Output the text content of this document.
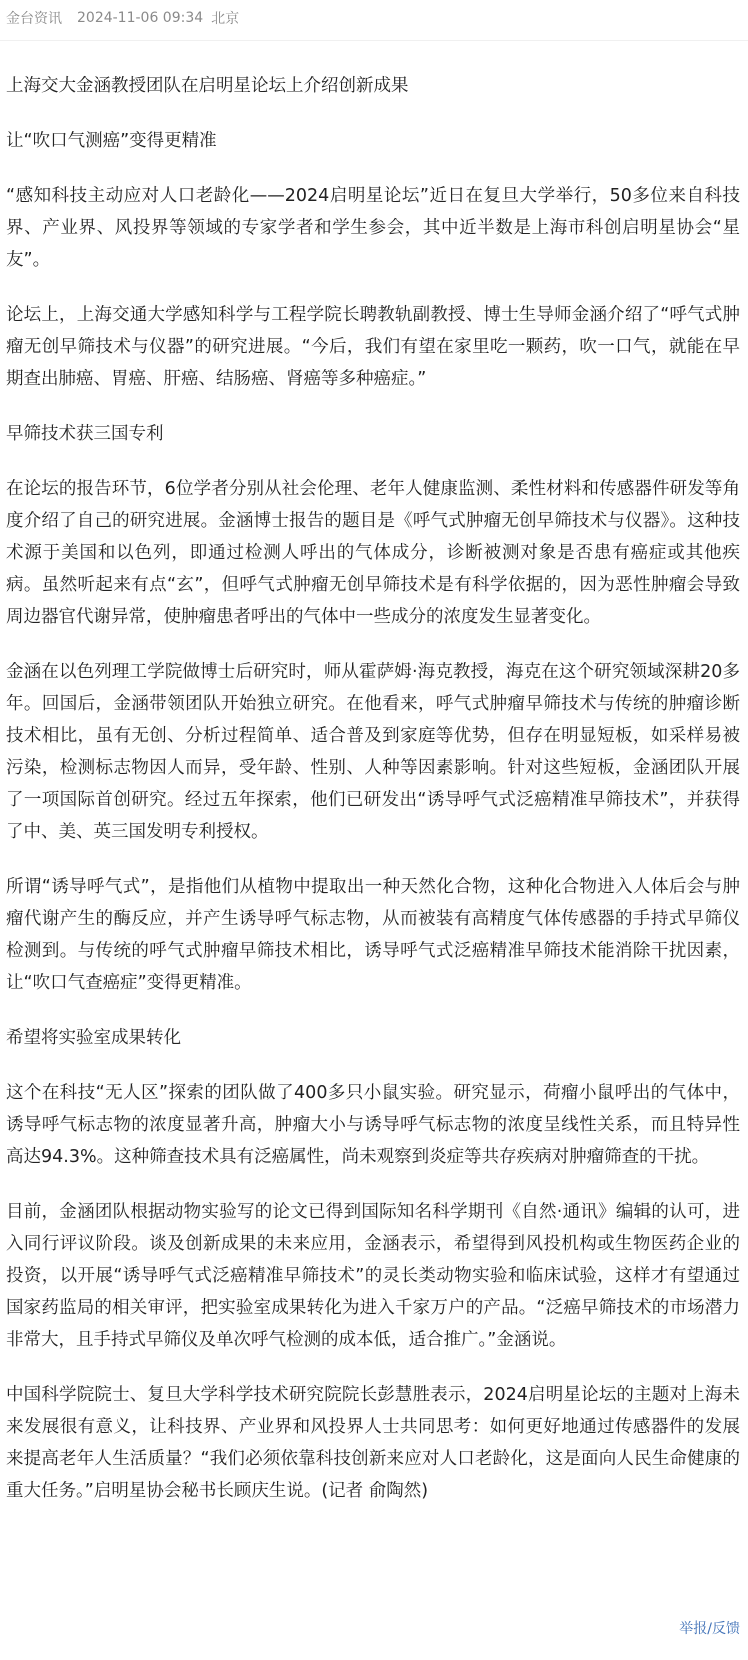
金台资讯 2024-11-06 09:34 北京

上海交大金涵教授团队在启明星论坛上介绍创新成果

让“吹口气测癌”变得更精准

“感知科技主动应对人口老龄化——2024启明星论坛”近日在复旦大学举行，50多位来自科技界、产业界、风投界等领域的专家学者和学生参会，其中近半数是上海市科创启明星协会“星友”。

论坛上，上海交通大学感知科学与工程学院长聘教轨副教授、博士生导师金涵介绍了“呼气式肿瘤无创早筛技术与仪器”的研究进展。“今后，我们有望在家里吃一颗药，吹一口气，就能在早期查出肺癌、胃癌、肝癌、结肠癌、肾癌等多种癌症。”

早筛技术获三国专利

在论坛的报告环节，6位学者分别从社会伦理、老年人健康监测、柔性材料和传感器件研发等角度介绍了自己的研究进展。金涵博士报告的题目是《呼气式肿瘤无创早筛技术与仪器》。这种技术源于美国和以色列，即通过检测人呼出的气体成分，诊断被测对象是否患有癌症或其他疾病。虽然听起来有点“玄”，但呼气式肿瘤无创早筛技术是有科学依据的，因为恶性肿瘤会导致周边器官代谢异常，使肿瘤患者呼出的气体中一些成分的浓度发生显著变化。

金涵在以色列理工学院做博士后研究时，师从霍萨姆·海克教授，海克在这个研究领域深耕20多年。回国后，金涵带领团队开始独立研究。在他看来，呼气式肿瘤早筛技术与传统的肿瘤诊断技术相比，虽有无创、分析过程简单、适合普及到家庭等优势，但存在明显短板，如采样易被污染，检测标志物因人而异，受年龄、性别、人种等因素影响。针对这些短板，金涵团队开展了一项国际首创研究。经过五年探索，他们已研发出“诱导呼气式泛癌精准早筛技术”，并获得了中、美、英三国发明专利授权。

所谓“诱导呼气式”，是指他们从植物中提取出一种天然化合物，这种化合物进入人体后会与肿瘤代谢产生的酶反应，并产生诱导呼气标志物，从而被装有高精度气体传感器的手持式早筛仪检测到。与传统的呼气式肿瘤早筛技术相比，诱导呼气式泛癌精准早筛技术能消除干扰因素，让“吹口气查癌症”变得更精准。

希望将实验室成果转化

这个在科技“无人区”探索的团队做了400多只小鼠实验。研究显示，荷瘤小鼠呼出的气体中，诱导呼气标志物的浓度显著升高，肿瘤大小与诱导呼气标志物的浓度呈线性关系，而且特异性高达94.3%。这种筛查技术具有泛癌属性，尚未观察到炎症等共存疾病对肿瘤筛查的干扰。

目前，金涵团队根据动物实验写的论文已得到国际知名科学期刊《自然·通讯》编辑的认可，进入同行评议阶段。谈及创新成果的未来应用，金涵表示，希望得到风投机构或生物医药企业的投资，以开展“诱导呼气式泛癌精准早筛技术”的灵长类动物实验和临床试验，这样才有望通过国家药监局的相关审评，把实验室成果转化为进入千家万户的产品。“泛癌早筛技术的市场潜力非常大，且手持式早筛仪及单次呼气检测的成本低，适合推广。”金涵说。

中国科学院院士、复旦大学科学技术研究院院长彭慧胜表示，2024启明星论坛的主题对上海未来发展很有意义，让科技界、产业界和风投界人士共同思考：如何更好地通过传感器件的发展来提高老年人生活质量？“我们必须依靠科技创新来应对人口老龄化，这是面向人民生命健康的重大任务。”启明星协会秘书长顾庆生说。(记者 俞陶然)

举报/反馈
